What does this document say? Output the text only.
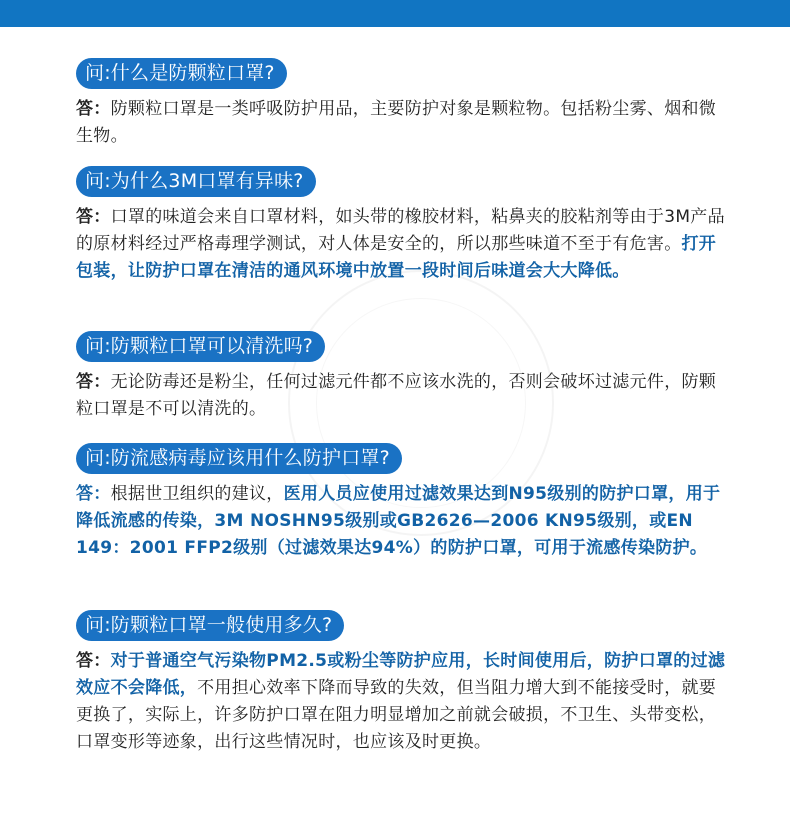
问:什么是防颗粒口罩?
答：防颗粒口罩是一类呼吸防护用品，主要防护对象是颗粒物。包括粉尘雾、烟和微生物。
问:为什么3M口罩有异味?
答：口罩的味道会来自口罩材料，如头带的橡胶材料，粘鼻夹的胶粘剂等由于3M产品的原材料经过严格毒理学测试，对人体是安全的，所以那些味道不至于有危害。打开包装，让防护口罩在清洁的通风环境中放置一段时间后味道会大大降低。
问:防颗粒口罩可以清洗吗?
答：无论防毒还是粉尘，任何过滤元件都不应该水洗的，否则会破坏过滤元件，防颗粒口罩是不可以清洗的。
问:防流感病毒应该用什么防护口罩?
答：根据世卫组织的建议，医用人员应使用过滤效果达到N95级别的防护口罩，用于降低流感的传染，3M NOSHN95级别或GB2626—2006 KN95级别，或EN 149：2001 FFP2级别（过滤效果达94%）的防护口罩，可用于流感传染防护。
问:防颗粒口罩一般使用多久?
答：对于普通空气污染物PM2.5或粉尘等防护应用，长时间使用后，防护口罩的过滤效应不会降低，不用担心效率下降而导致的失效，但当阻力增大到不能接受时，就要更换了，实际上，许多防护口罩在阻力明显增加之前就会破损，不卫生、头带变松，口罩变形等迹象，出行这些情况时，也应该及时更换。
